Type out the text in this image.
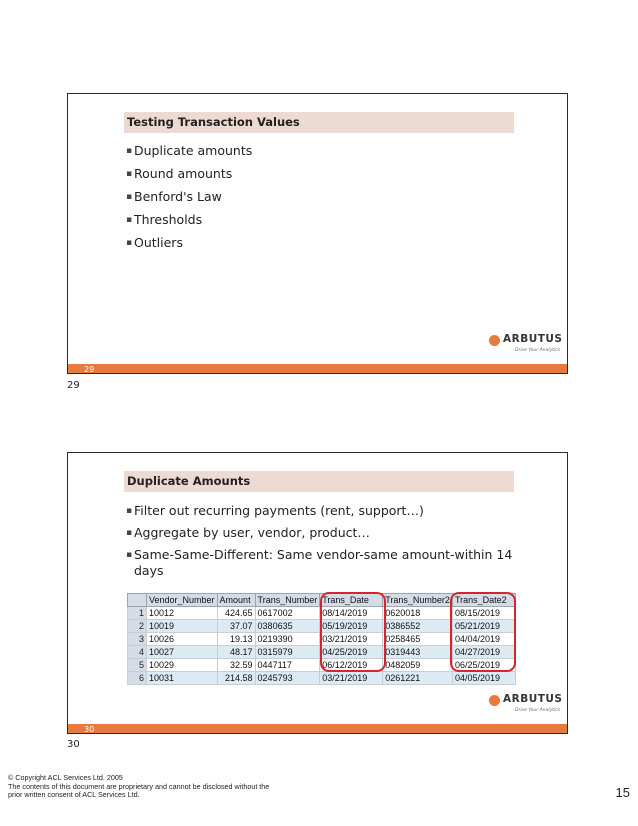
Testing Transaction Values
▪ Duplicate amounts
▪ Round amounts
▪ Benford's Law
▪ Thresholds
▪ Outliers
ARBUTUS
Drive Your Analytics
29
29
Duplicate Amounts
▪ Filter out recurring payments (rent, support…)
▪ Aggregate by user, vendor, product…
▪ Same-Same-Different: Same vendor-same amount-within 14 days
	Vendor_Number	Amount	Trans_Number	Trans_Date	Trans_Number2	Trans_Date2
1	10012	424.65	0617002	08/14/2019	0620018	08/15/2019
2	10019	37.07	0380635	05/19/2019	0386552	05/21/2019
3	10026	19.13	0219390	03/21/2019	0258465	04/04/2019
4	10027	48.17	0315979	04/25/2019	0319443	04/27/2019
5	10029	32.59	0447117	06/12/2019	0482059	06/25/2019
6	10031	214.58	0245793	03/21/2019	0261221	04/05/2019
ARBUTUS
Drive Your Analytics
30
30
© Copyright ACL Services Ltd. 2005
The contents of this document are proprietary and cannot be disclosed without the
prior written consent of ACL Services Ltd.	15
